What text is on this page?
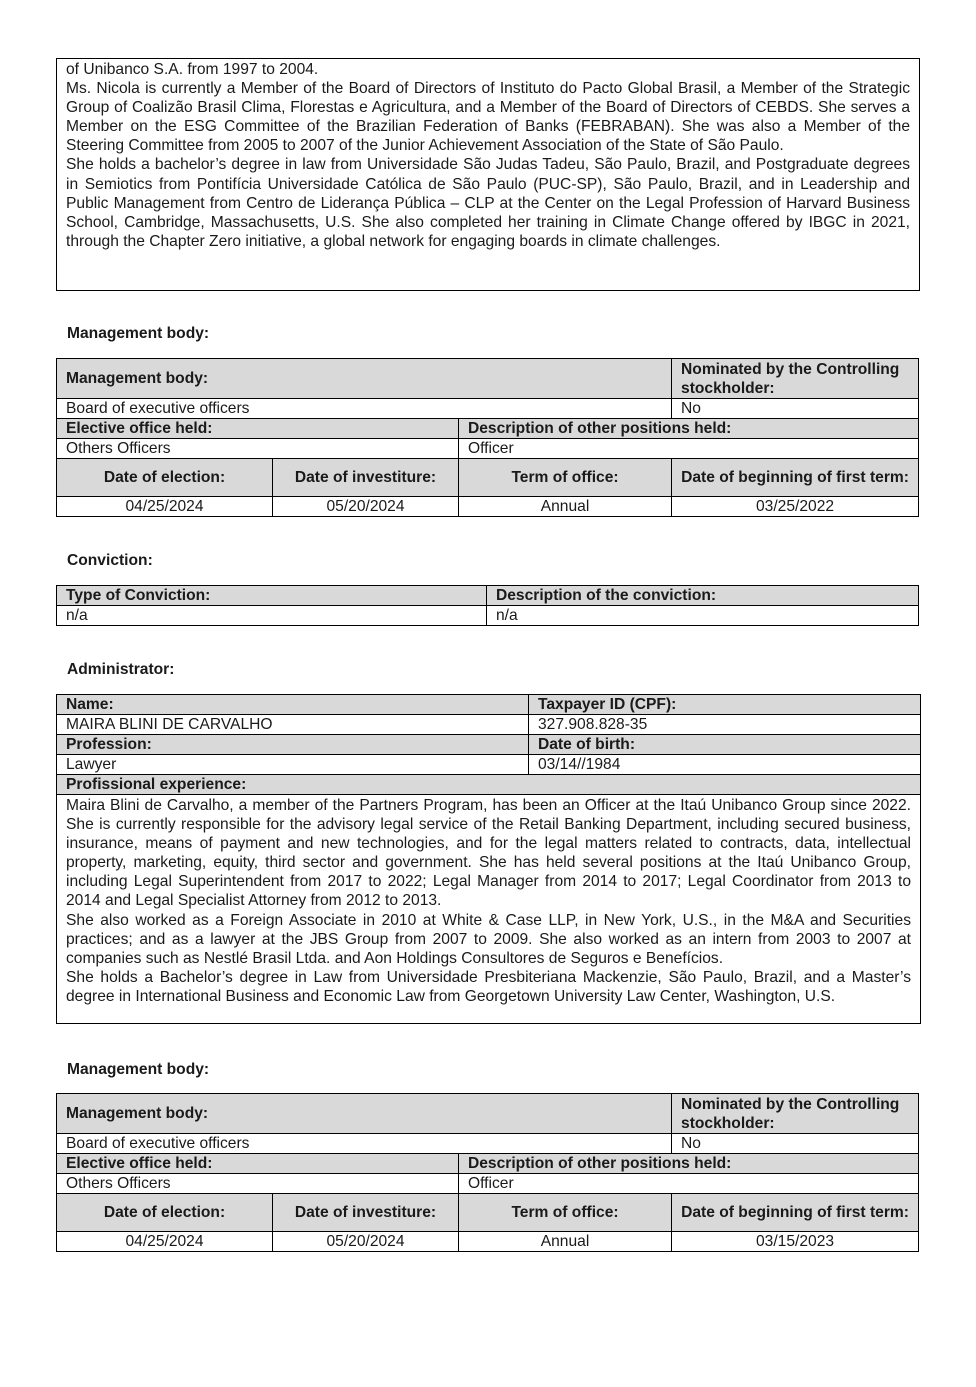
of Unibanco S.A. from 1997 to 2004.

Ms. Nicola is currently a Member of the Board of Directors of Instituto do Pacto Global Brasil, a Member of the Strategic Group of Coalizão Brasil Clima, Florestas e Agricultura, and a Member of the Board of Directors of CEBDS. She serves a Member on the ESG Committee of the Brazilian Federation of Banks (FEBRABAN). She was also a Member of the Steering Committee from 2005 to 2007 of the Junior Achievement Association of the State of São Paulo.

She holds a bachelor’s degree in law from Universidade São Judas Tadeu, São Paulo, Brazil, and Postgraduate degrees in Semiotics from Pontifícia Universidade Católica de São Paulo (PUC-SP), São Paulo, Brazil, and in Leadership and Public Management from Centro de Liderança Pública – CLP at the Center on the Legal Profession of Harvard Business School, Cambridge, Massachusetts, U.S. She also completed her training in Climate Change offered by IBGC in 2021, through the Chapter Zero initiative, a global network for engaging boards in climate challenges.

Management body:
Management body:			Nominated by the Controlling stockholder:
Board of executive officers			No
Elective office held:		Description of other positions held:	
Others Officers		Officer	
Date of election:	Date of investiture:	Term of office:	Date of beginning of first term:
04/25/2024	05/20/2024	Annual	03/25/2022
Conviction:
Type of Conviction:	Description of the conviction:
n/a	n/a
Administrator:
Name:	Taxpayer ID (CPF):
MAIRA BLINI DE CARVALHO	327.908.828-35
Profession:	Date of birth:
Lawyer	03/14//1984
Profissional experience:	

Maira Blini de Carvalho, a member of the Partners Program, has been an Officer at the Itaú Unibanco Group since 2022. She is currently responsible for the advisory legal service of the Retail Banking Department, including secured business, insurance, means of payment and new technologies, and for the legal matters related to contracts, data, intellectual property, marketing, equity, third sector and government. She has held several positions at the Itaú Unibanco Group, including Legal Superintendent from 2017 to 2022; Legal Manager from 2014 to 2017; Legal Coordinator from 2013 to 2014 and Legal Specialist Attorney from 2012 to 2013.

She also worked as a Foreign Associate in 2010 at White & Case LLP, in New York, U.S., in the M&A and Securities practices; and as a lawyer at the JBS Group from 2007 to 2009. She also worked as an intern from 2003 to 2007 at companies such as Nestlé Brasil Ltda. and Aon Holdings Consultores de Seguros e Benefícios.

She holds a Bachelor’s degree in Law from Universidade Presbiteriana Mackenzie, São Paulo, Brazil, and a Master’s degree in International Business and Economic Law from Georgetown University Law Center, Washington, U.S.	

Management body:
Management body:			Nominated by the Controlling stockholder:
Board of executive officers			No
Elective office held:		Description of other positions held:	
Others Officers		Officer	
Date of election:	Date of investiture:	Term of office:	Date of beginning of first term:
04/25/2024	05/20/2024	Annual	03/15/2023
